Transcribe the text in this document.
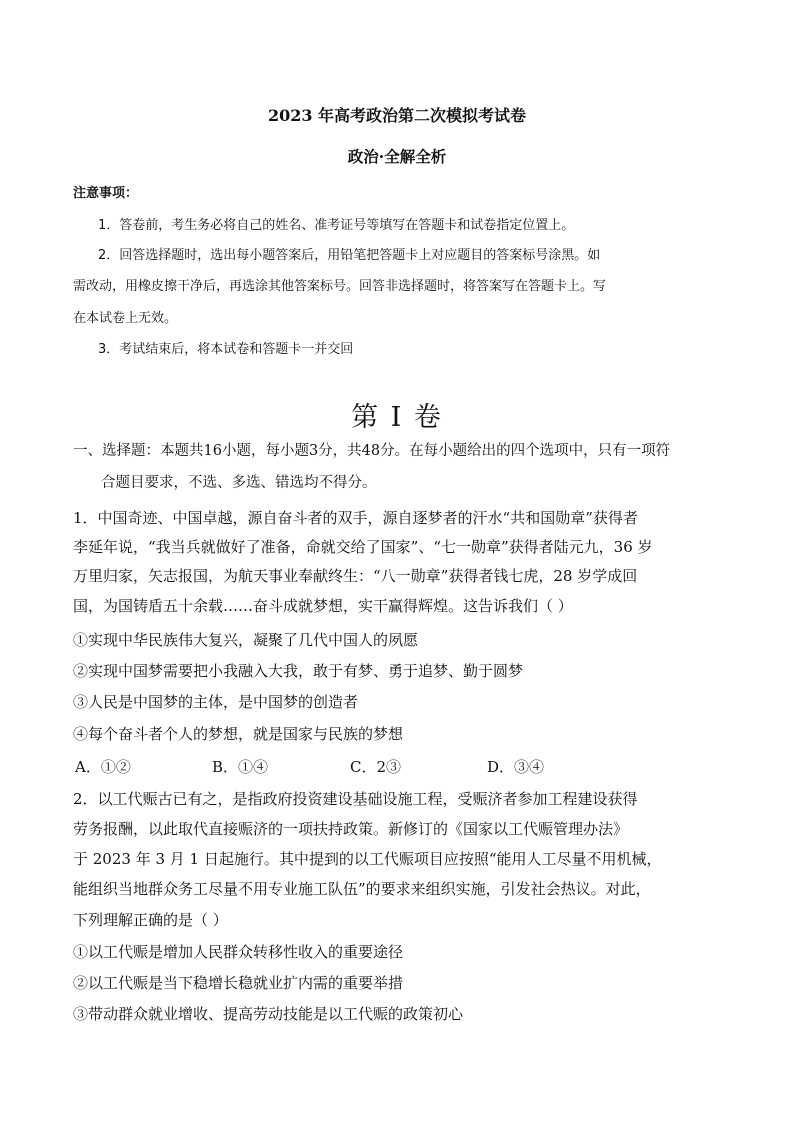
2023 年高考政治第二次模拟考试卷
政治·全解全析
注意事项：
1．答卷前，考生务必将自己的姓名、准考证号等填写在答题卡和试卷指定位置上。
2．回答选择题时，选出每小题答案后，用铅笔把答题卡上对应题目的答案标号涂黑。如
需改动，用橡皮擦干净后，再选涂其他答案标号。回答非选择题时，将答案写在答题卡上。写
在本试卷上无效。
3．考试结束后，将本试卷和答题卡一并交回
第 I 卷
一、选择题：本题共16小题，每小题3分，共48分。在每小题给出的四个选项中，只有一项符
合题目要求，不选、多选、错选均不得分。
1．中国奇迹、中国卓越，源自奋斗者的双手，源自逐梦者的汗水“共和国勋章”获得者
李延年说，“我当兵就做好了准备，命就交给了国家”、“七一勋章”获得者陆元九，36 岁
万里归家，矢志报国，为航天事业奉献终生：“八一勋章”获得者钱七虎，28 岁学成回
国，为国铸盾五十余载……奋斗成就梦想，实干赢得辉煌。这告诉我们（ ）
①实现中华民族伟大复兴，凝聚了几代中国人的夙愿
②实现中国梦需要把小我融入大我，敢于有梦、勇于追梦、勤于圆梦
③人民是中国梦的主体，是中国梦的创造者
④每个奋斗者个人的梦想，就是国家与民族的梦想
A．①②	B．①④	C．2③	D．③④
2．以工代赈古已有之，是指政府投资建设基础设施工程，受赈济者参加工程建设获得
劳务报酬，以此取代直接赈济的一项扶持政策。新修订的《国家以工代赈管理办法》
于 2023 年 3 月 1 日起施行。其中提到的以工代赈项目应按照“能用人工尽量不用机械，
能组织当地群众务工尽量不用专业施工队伍”的要求来组织实施，引发社会热议。对此，
下列理解正确的是（ ）
①以工代赈是增加人民群众转移性收入的重要途径
②以工代赈是当下稳增长稳就业扩内需的重要举措
③带动群众就业增收、提高劳动技能是以工代赈的政策初心
